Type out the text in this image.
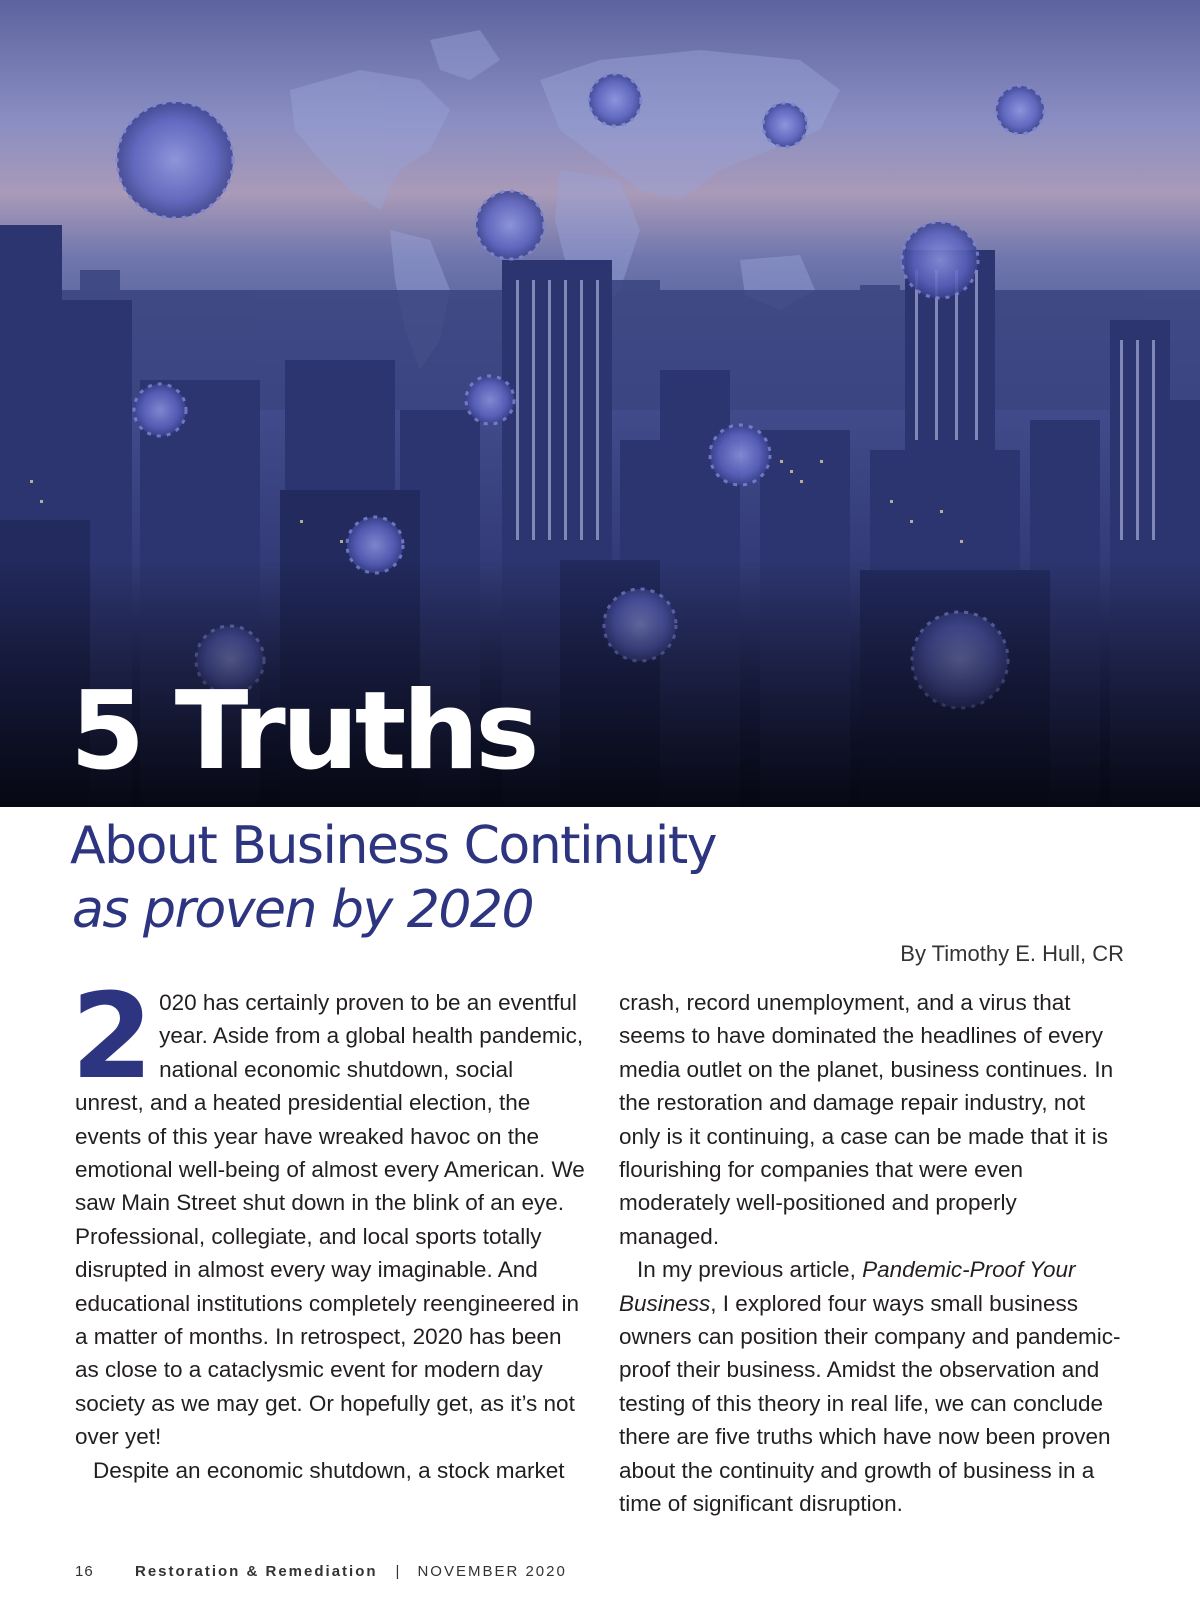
5 Truths
About Business Continuity
as proven by 2020
By Timothy E. Hull, CR

2 020 has certainly proven to be an eventful year. Aside from a global health pandemic, national economic shutdown, social unrest, and a heated presidential election, the events of this year have wreaked havoc on the emotional well-being of almost every American. We saw Main Street shut down in the blink of an eye. Professional, collegiate, and local sports totally disrupted in almost every way imaginable. And educational institutions completely reengineered in a matter of months. In retrospect, 2020 has been as close to a cataclysmic event for modern day society as we may get. Or hopefully get, as it’s not over yet!

Despite an economic shutdown, a stock market

crash, record unemployment, and a virus that seems to have dominated the headlines of every media outlet on the planet, business continues. In the restoration and damage repair industry, not only is it continuing, a case can be made that it is flourishing for companies that were even moderately well-positioned and properly managed.

In my previous article, Pandemic-Proof Your Business, I explored four ways small business owners can position their company and pandemic-proof their business. Amidst the observation and testing of this theory in real life, we can conclude there are five truths which have now been proven about the continuity and growth of business in a time of significant disruption.

16	Restoration & Remediation | NOVEMBER 2020
